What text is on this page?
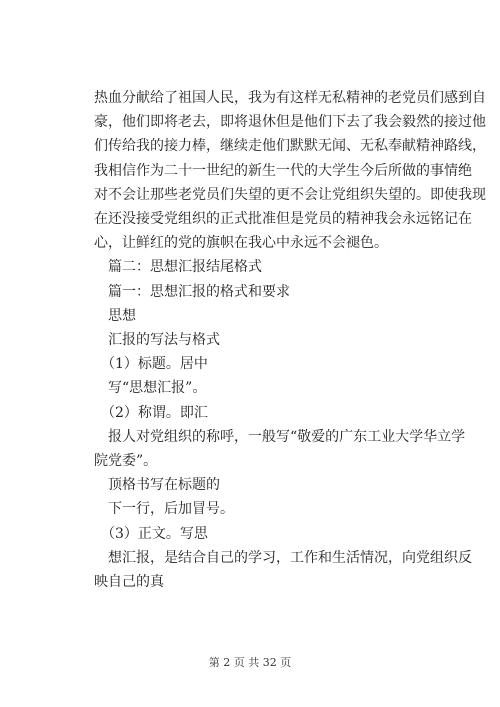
热血分献给了祖国人民，我为有这样无私精神的老党员们感到自
豪，他们即将老去，即将退休但是他们下去了我会毅然的接过他
们传给我的接力棒，继续走他们默默无闻、无私奉献精神路线，
我相信作为二十一世纪的新生一代的大学生今后所做的事情绝
对不会让那些老党员们失望的更不会让党组织失望的。即使我现
在还没接受党组织的正式批准但是党员的精神我会永远铭记在
心，让鲜红的党的旗帜在我心中永远不会褪色。
　篇二：思想汇报结尾格式
　篇一：思想汇报的格式和要求
　思想
　汇报的写法与格式
　（1）标题。居中
　写“思想汇报”。
　（2）称谓。即汇
　报人对党组织的称呼，一般写“敬爱的广东工业大学华立学
院党委”。
　顶格书写在标题的
　下一行，后加冒号。
　（3）正文。写思
　想汇报，是结合自己的学习，工作和生活情况，向党组织反
映自己的真
第 2 页 共 32 页
